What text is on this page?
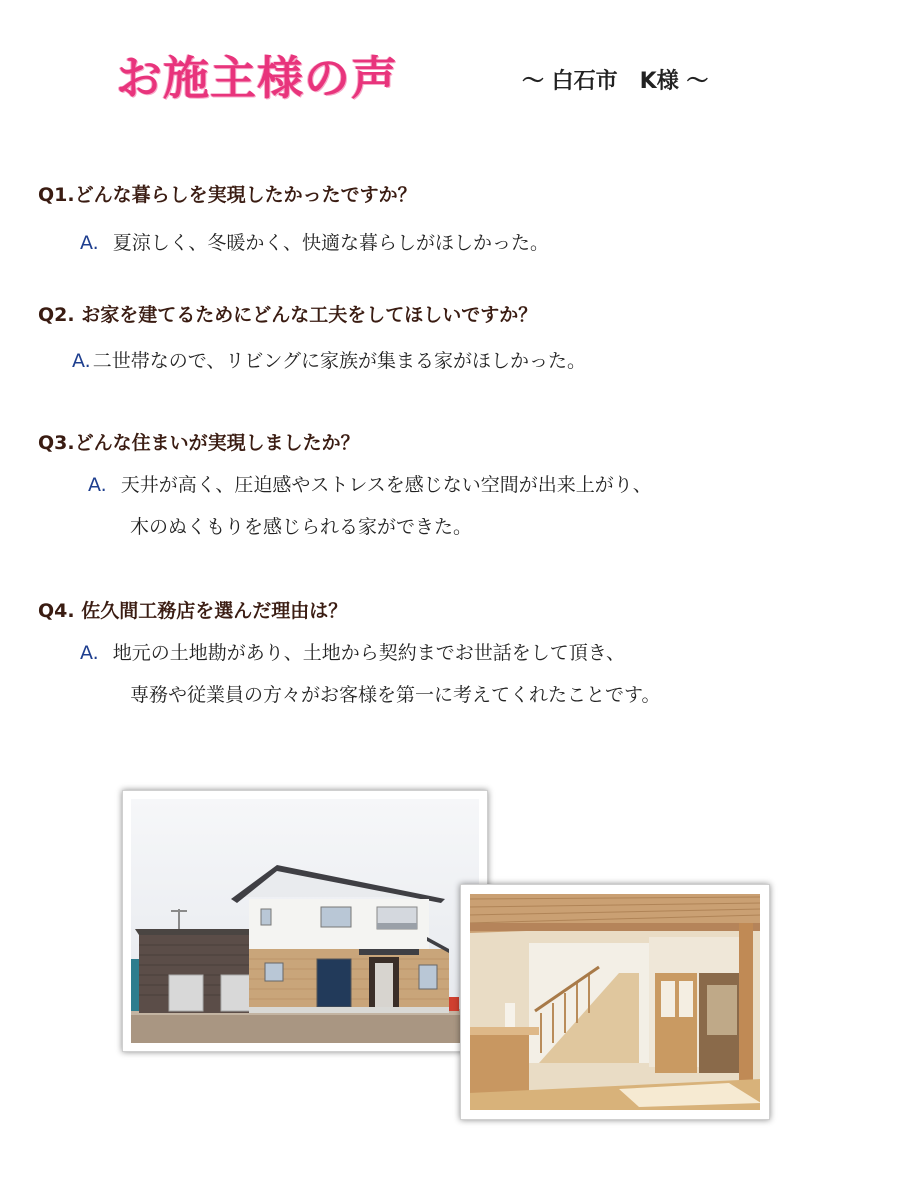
お施主様の声	〜 白石市　K様 〜
Q1.どんな暮らしを実現したかったですか？
A. 夏涼しく、冬暖かく、快適な暮らしがほしかった。
Q2. お家を建てるためにどんな工夫をしてほしいですか？
A. 二世帯なので、リビングに家族が集まる家がほしかった。
Q3.どんな住まいが実現しましたか？
A. 天井が高く、圧迫感やストレスを感じない空間が出来上がり、
木のぬくもりを感じられる家ができた。
Q4. 佐久間工務店を選んだ理由は？
A. 地元の土地勘があり、土地から契約までお世話をして頂き、
専務や従業員の方々がお客様を第一に考えてくれたことです。
